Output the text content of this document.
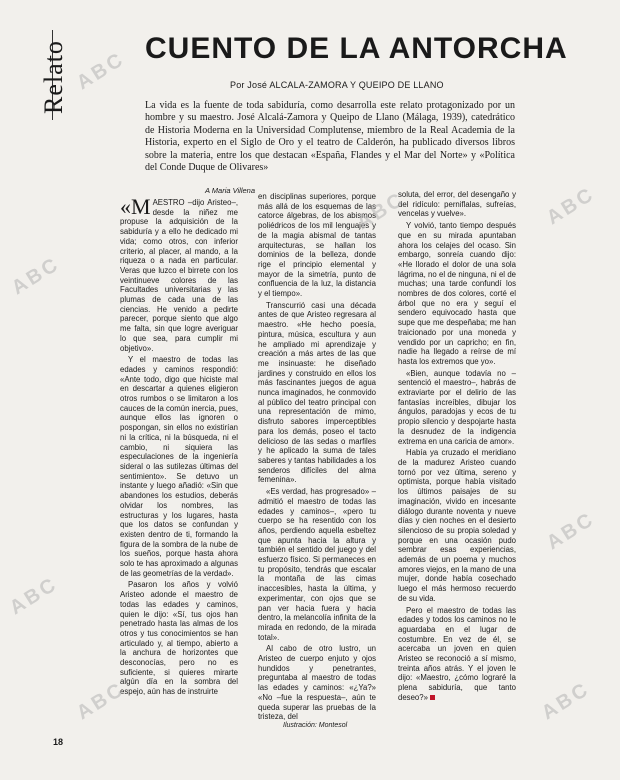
Relato	CUENTO DE LA ANTORCHA
Por José ALCALA-ZAMORA Y QUEIPO DE LLANO
La vida es la fuente de toda sabiduría, como desarrolla este relato protagonizado por un hombre y su maestro. José Alcalá-Zamora y Queipo de Llano (Málaga, 1939), catedrático de Historia Moderna en la Universidad Complutense, miembro de la Real Academia de la Historia, experto en el Siglo de Oro y el teatro de Calderón, ha publicado diversos libros sobre la materia, entre los que destacan «España, Flandes y el Mar del Norte» y «Política del Conde Duque de Olivares»
A Maria Villena

«MAESTRO –dijo Aristeo–, desde la niñez me propuse la adquisición de la sabiduría y a ello he dedicado mi vida; como otros, con inferior criterio, al placer, al mando, a la riqueza o a nada en particular. Veras que luzco el birrete con los veintinueve colores de las Facultades universitarias y las plumas de cada una de las ciencias. He venido a pedirte parecer, porque siento que algo me falta, sin que logre averiguar lo que sea, para cumplir mi objetivo».

Y el maestro de todas las edades y caminos respondió: «Ante todo, digo que hiciste mal en descartar a quienes eligieron otros rumbos o se limitaron a los cauces de la común inercia, pues, aunque ellos las ignoren o pospongan, sin ellos no existirían ni la crítica, ni la búsqueda, ni el cambio, ni siquiera las especulaciones de la ingeniería sideral o las sutilezas últimas del sentimiento». Se detuvo un instante y luego añadió: «Sin que abandones los estudios, deberás olvidar los nombres, las estructuras y los lugares, hasta que los datos se confundan y existen dentro de ti, formando la figura de la sombra de la nube de los sueños, porque hasta ahora solo te has aproximado a algunas de las geometrías de la verdad».

Pasaron los años y volvió Aristeo adonde el maestro de todas las edades y caminos, quien le dijo: «Sí, tus ojos han penetrado hasta las almas de los otros y tus conocimientos se han articulado y, al tiempo, abierto a la anchura de horizontes que desconocías, pero no es suficiente, si quieres mirarte algún día en la sombra del espejo, aún has de instruirte

en disciplinas superiores, porque más allá de los esquemas de las catorce álgebras, de los abismos poliédricos de los mil lenguajes y de la magia abismal de tantas arquitecturas, se hallan los dominios de la belleza, donde rige el principio elemental y mayor de la simetría, punto de confluencia de la luz, la distancia y el tiempo».

Transcurrió casi una década antes de que Aristeo regresara al maestro. «He hecho poesía, pintura, música, escultura y aun he ampliado mi aprendizaje y creación a más artes de las que me insinuaste: he diseñado jardines y construido en ellos los más fascinantes juegos de agua nunca imaginados, he conmovido al público del teatro principal con una representación de mimo, disfruto sabores imperceptibles para los demás, poseo el tacto delicioso de las sedas o marfiles y he aplicado la suma de tales saberes y tantas habilidades a los senderos difíciles del alma femenina».

«Es verdad, has progresado» –admitió el maestro de todas las edades y caminos–, «pero tu cuerpo se ha resentido con los años, perdiendo aquella esbeltez que apunta hacia la altura y también el sentido del juego y del esfuerzo físico. Si permaneces en tu propósito, tendrás que escalar la montaña de las cimas inaccesibles, hasta la última, y experimentar, con ojos que se pan ver hacia fuera y hacia dentro, la melancolía infinita de la mirada en redondo, de la mirada total».

Al cabo de otro lustro, un Aristeo de cuerpo enjuto y ojos hundidos y penetrantes, preguntaba al maestro de todas las edades y caminos: «¿Ya?» «No –fue la respuesta–, aún te queda superar las pruebas de la tristeza, del

soluta, del error, del desengaño y del ridículo: perniflalas, sufreías, vencelas y vuelve».

Y volvió, tanto tiempo después que en su mirada apuntaban ahora los celajes del ocaso. Sin embargo, sonreía cuando dijo: «He llorado el dolor de una sola lágrima, no el de ninguna, ni el de muchas; una tarde confundí los nombres de dos colores, corté el árbol que no era y seguí el sendero equivocado hasta que supe que me despeñaba; me han traicionado por una moneda y vendido por un capricho; en fin, nadie ha llegado a reírse de mí hasta los extremos que yo».

«Bien, aunque todavía no –sentenció el maestro–, habrás de extraviarte por el delirio de las fantasías increíbles, dibujar los ángulos, paradojas y ecos de tu propio silencio y despojarte hasta la desnudez de la indigencia extrema en una caricia de amor».

Había ya cruzado el meridiano de la madurez Aristeo cuando tornó por vez última, sereno y optimista, porque había visitado los últimos paisajes de su imaginación, vivido en incesante diálogo durante noventa y nueve días y cien noches en el desierto silencioso de su propia soledad y porque en una ocasión pudo sembrar esas experiencias, además de un poema y muchos amores viejos, en la mano de una mujer, donde había cosechado luego el más hermoso recuerdo de su vida.

Pero el maestro de todas las edades y todos los caminos no le aguardaba en el lugar de costumbre. En vez de él, se acercaba un joven en quien Aristeo se reconoció a sí mismo, treinta años atrás. Y el joven le dijo: «Maestro, ¿cómo lograré la plena sabiduría, que tanto deseo?»

Ilustración: Montesol
18
ABC
ABC
ABC
ABC
ABC	ABC
ABC
ABC
